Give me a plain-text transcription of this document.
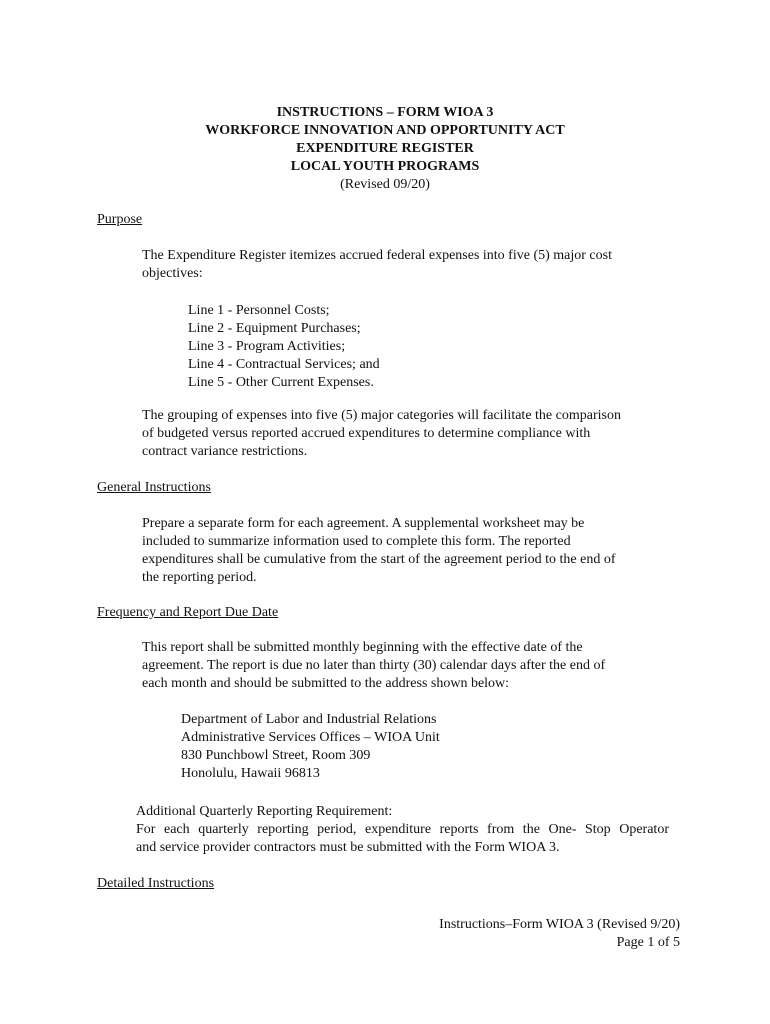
INSTRUCTIONS – FORM WIOA 3
WORKFORCE INNOVATION AND OPPORTUNITY ACT
EXPENDITURE REGISTER
LOCAL YOUTH PROGRAMS
(Revised 09/20)
Purpose
The Expenditure Register itemizes accrued federal expenses into five (5) major cost
objectives:
Line 1 - Personnel Costs;
Line 2 - Equipment Purchases;
Line 3 - Program Activities;
Line 4 - Contractual Services; and
Line 5 - Other Current Expenses.
The grouping of expenses into five (5) major categories will facilitate the comparison
of budgeted versus reported accrued expenditures to determine compliance with
contract variance restrictions.
General Instructions
Prepare a separate form for each agreement. A supplemental worksheet may be
included to summarize information used to complete this form. The reported
expenditures shall be cumulative from the start of the agreement period to the end of
the reporting period.
Frequency and Report Due Date
This report shall be submitted monthly beginning with the effective date of the
agreement. The report is due no later than thirty (30) calendar days after the end of
each month and should be submitted to the address shown below:
Department of Labor and Industrial Relations
Administrative Services Offices – WIOA Unit
830 Punchbowl Street, Room 309
Honolulu, Hawaii 96813
Additional Quarterly Reporting Requirement:
For each quarterly reporting period, expenditure reports from the One- Stop Operator
and service provider contractors must be submitted with the Form WIOA 3.
Detailed Instructions
Instructions–Form WIOA 3 (Revised 9/20)
Page 1 of 5
